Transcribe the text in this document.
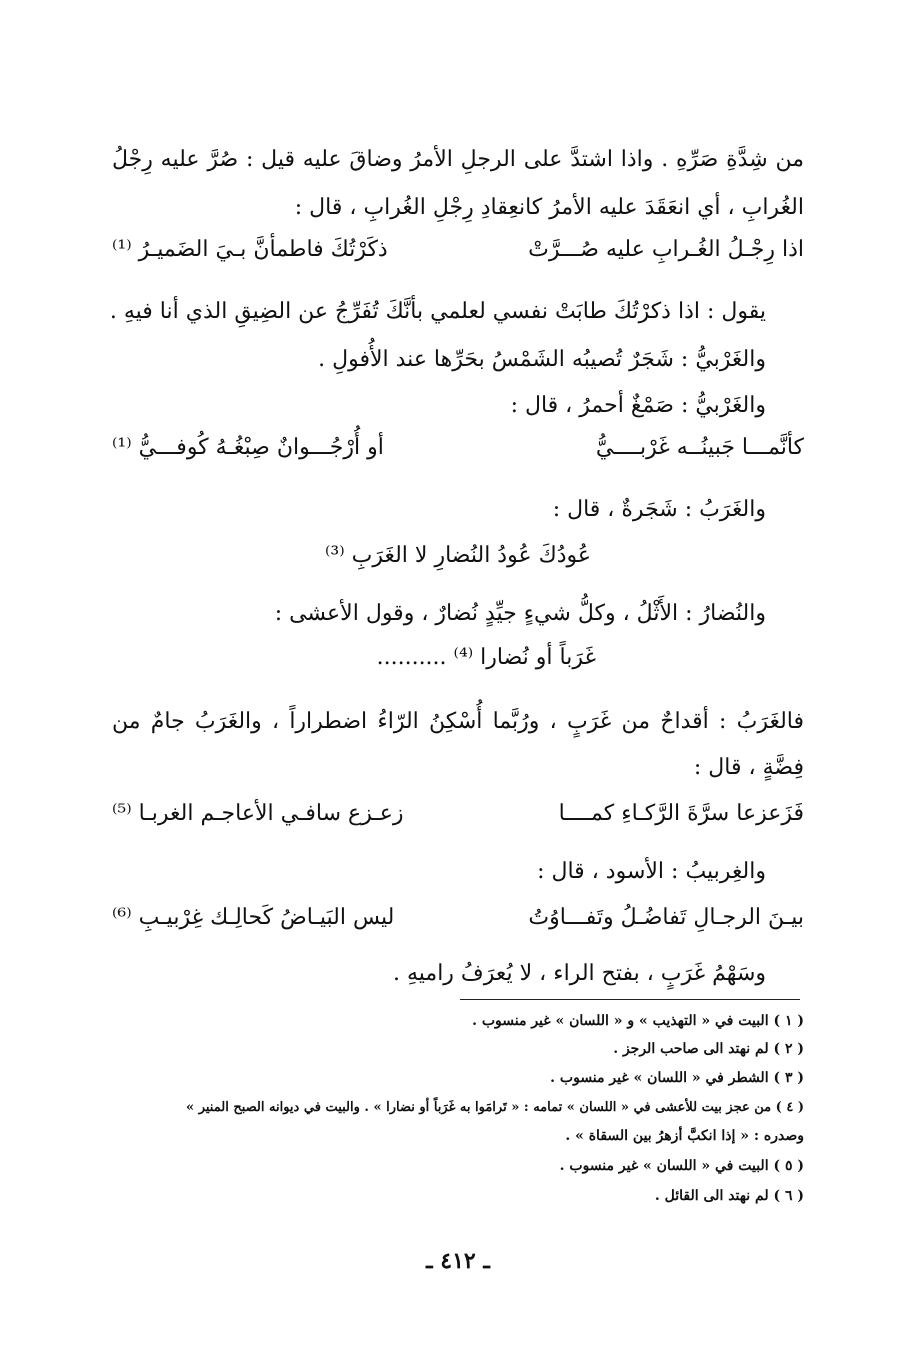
من شِدَّةِ صَرِّهِ . واذا اشتدَّ على الرجلِ الأمرُ وضاقَ عليه قيل : صُرَّ عليه رِجْلُ
الغُرابِ ، أي انعَقَدَ عليه الأمرُ كانعِقادِ رِجْلِ الغُرابِ ، قال :
اذا رِجْـلُ الغُـرابِ عليه صُـــرَّتْ
ذكَرْتُكَ فاطمأنَّ بـيَ الضَميـرُ ⁽¹⁾
يقول : اذا ذكرْتُكَ طابَتْ نفسي لعلمي بأنَّكَ تُفَرِّجُ عن الضِيقِ الذي أنا فيهِ .
والغَرْبيُّ : شَجَرٌ تُصيبُه الشَمْسُ بحَرِّها عند الأُفولِ .
والغَرْبيُّ : صَمْغٌ أحمرُ ، قال :
كأنَّمـــا جَبينُــه غَرْبــــيُّ
أو أُرْجُـــوانٌ صِبْغُـهُ كُوفـــيُّ ⁽¹⁾
والغَرَبُ : شَجَرةٌ ، قال :
عُودُكَ عُودُ النُضارِ لا الغَرَبِ ⁽³⁾
والنُضارُ : الأَثْلُ ، وكلُّ شيءٍ جيِّدٍ نُضارٌ ، وقول الأعشى :
غَرَباً أو نُضارا ⁽⁴⁾ ..........
فالغَرَبُ : أقداحٌ من غَرَبٍ ، ورُبَّما أُسْكِنُ الرّاءُ اضطراراً ، والغَرَبُ جامٌ من
فِضَّةٍ ، قال :
فَزَعزعا سرَّةَ الرَّكـاءِ كمــــا
زعـزع سافـي الأعاجـم الغربـا ⁽⁵⁾
والغِربيبُ : الأسود ، قال :
بيـنَ الرجـالِ تَفاضُـلُ وتَفـــاوُتُ
ليس البَيـاضُ كَحالِـك غِرْبيـبِ ⁽⁶⁾
وسَهْمُ غَرَبٍ ، بفتح الراء ، لا يُعرَفُ راميهِ .
( ١ ) البيت في « التهذيب » و « اللسان » غير منسوب .
( ٢ ) لم نهتد الى صاحب الرجز .
( ٣ ) الشطر في « اللسان » غير منسوب .
( ٤ ) من عجز بيت للأعشى في « اللسان » تمامه : « تَرامَوا به غَرَباً أو نضارا » . والبيت في ديوانه الصبح المنير »
وصدره : « إذا انكبَّ أزهرُ بين السقاة » .
( ٥ ) البيت في « اللسان » غير منسوب .
( ٦ ) لم نهتد الى القائل .
ـ ٤١٢ ـ
